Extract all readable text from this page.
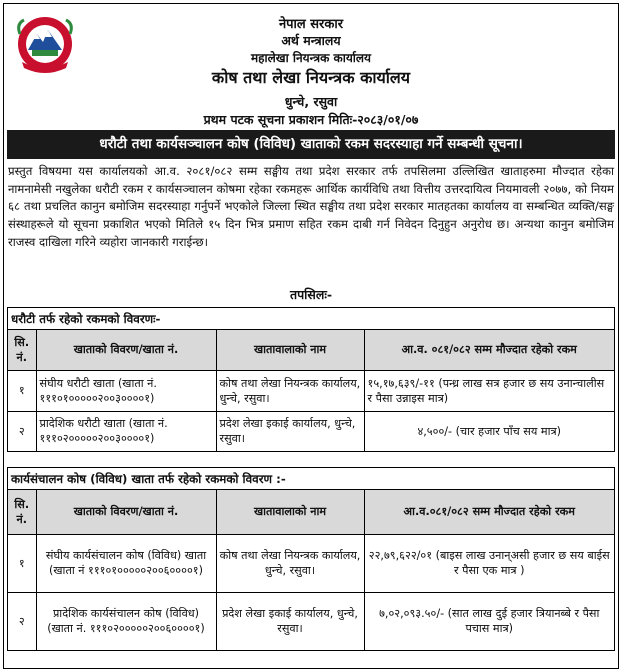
नेपाल सरकार
अर्थ मन्त्रालय
महालेखा नियन्त्रक कार्यालय
कोष तथा लेखा नियन्त्रक कार्यालय
धुन्चे, रसुवा
प्रथम पटक सूचना प्रकाशन मितिः-२०८३/०१/०७
धरौटी तथा कार्यसञ्चालन कोष (विविध) खाताको रकम सदरस्याहा गर्ने सम्बन्धी सूचना।
प्रस्तुत विषयमा यस कार्यालयको आ.व. २०८१/०८२ सम्म सङ्घीय तथा प्रदेश सरकार तर्फ तपसिलमा उल्लिखित खाताहरुमा मौज्दात रहेका नामनामेसी नखुलेका धरौटी रकम र कार्यसञ्चालन कोषमा रहेका रकमहरू आर्थिक कार्यविधि तथा वित्तीय उत्तरदायित्व नियमावली २०७७, को नियम ६८ तथा प्रचलित कानुन बमोजिम सदरस्याहा गर्नुपर्ने भएकोले जिल्ला स्थित सङ्घीय तथा प्रदेश सरकार मातहतका कार्यालय वा सम्बन्धित व्यक्ति/सङ्घ संस्थाहरूले यो सूचना प्रकाशित भएको मितिले १५ दिन भित्र प्रमाण सहित रकम दाबी गर्न निवेदन दिनुहुन अनुरोध छ। अन्यथा कानुन बमोजिम राजस्व दाखिला गरिने व्यहोरा जानकारी गराईन्छ।
तपसिलः-
धरौटी तर्फ रहेको रकमको विवरणः-
सि. नं.	खाताको विवरण/खाता नं.	खातावालाको नाम	आ.व. ०८१/०८२ सम्म मौज्दात रहेको रकम
१	संघीय धरौटी खाता (खाता नं. १११०१०००००२००३००००१)	कोष तथा लेखा नियन्त्रक कार्यालय, धुन्चे, रसुवा।	१५,१७,६३९/-११ (पन्ध्र लाख सत्र हजार छ सय उनान्चालीस र पैसा उन्नाइस मात्र)
२	प्रादेशिक धरौटी खाता (खाता नं. १११०२०००००२००३००००१)	प्रदेश लेखा इकाई कार्यालय, धुन्चे, रसुवा।	४,५००/- (चार हजार पाँच सय मात्र)
कार्यसंचालन कोष (विविध) खाता तर्फ रहेको रकमको विवरण :-
सि. नं.	खाताको विवरण/खाता नं.	खातावालाको नाम	आ.व.०८१/०८२ सम्म मौज्दात रहेको रकम
१	संघीय कार्यसंचालन कोष (विविध) खाता (खाता नं १११०१०००००२००६००००१)	कोष तथा लेखा नियन्त्रक कार्यालय, धुन्चे, रसुवा।	२२,७९,६२२/०१ (बाइस लाख उनान्असी हजार छ सय बाईस र पैसा एक मात्र )
२	प्रादेशिक कार्यसंचालन कोष (विविध) (खाता नं. १११०२०००००२००६००००१)	प्रदेश लेखा इकाई कार्यालय, धुन्चे, रसुवा।	७,०२,०९३.५०/- (सात लाख दुई हजार त्रियानब्बे र पैसा पचास मात्र)
